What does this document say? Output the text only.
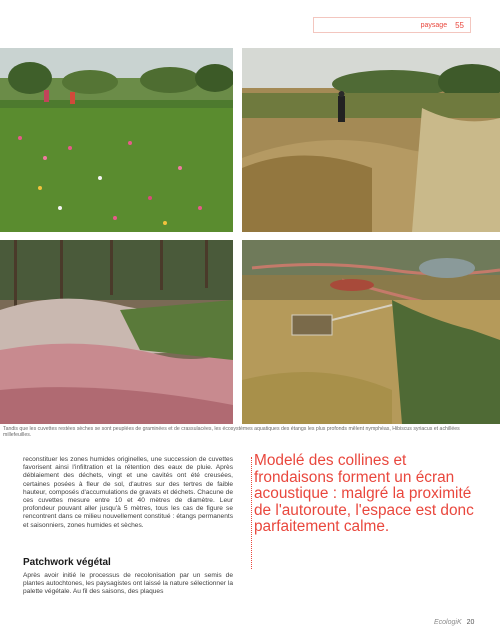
paysage 55
Tandis que les cuvettes restées sèches se sont peuplées de graminées et de crassulacées, les écosystèmes aquatiques des étangs les plus profonds mêlent nymphéas, Hibiscus syriacus et achillées millefeuilles.

reconstituer les zones humides originelles, une succession de cuvettes favorisent ainsi l'infiltration et la rétention des eaux de pluie. Après déblaiement des déchets, vingt et une cavités ont été creusées, certaines posées à fleur de sol, d'autres sur des tertres de faible hauteur, composés d'accumulations de gravats et déchets. Chacune de ces cuvettes mesure entre 10 et 40 mètres de diamètre. Leur profondeur pouvant aller jusqu'à 5 mètres, tous les cas de figure se rencontrent dans ce milieu nouvellement constitué : étangs permanents et saisonniers, zones humides et sèches.

Patchwork végétal
Après avoir initié le processus de recolonisation par un semis de plantes autochtones, les paysagistes ont laissé la nature sélectionner la palette végétale. Au fil des saisons, des plaques
Modelé des collines et frondaisons forment un écran acoustique : malgré la proximité de l'autoroute, l'espace est donc parfaitement calme.
EcologiK 20
